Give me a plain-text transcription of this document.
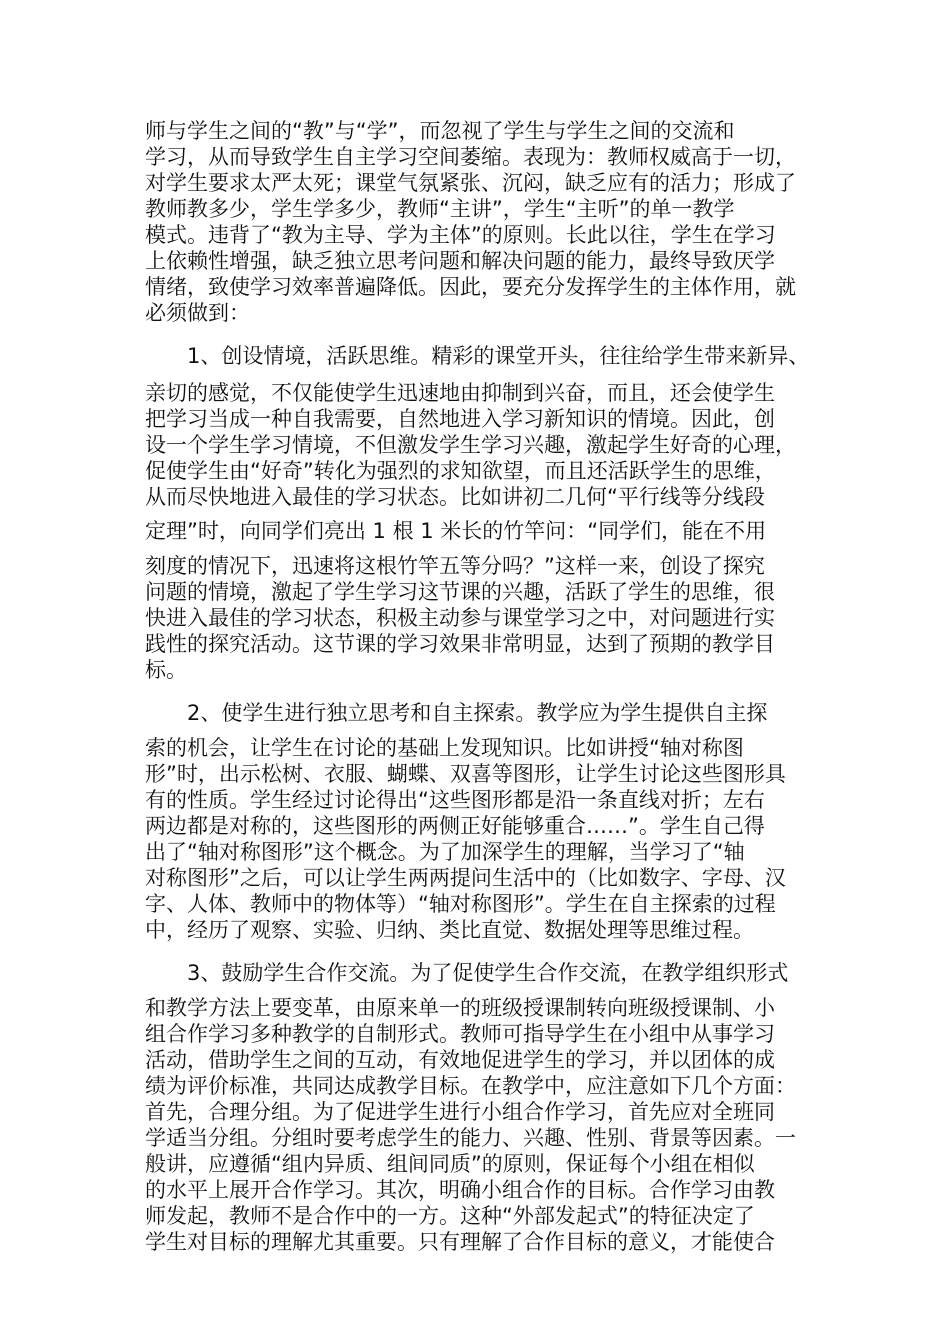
师与学生之间的“教”与“学”，而忽视了学生与学生之间的交流和
学习，从而导致学生自主学习空间萎缩。表现为：教师权威高于一切，
对学生要求太严太死；课堂气氛紧张、沉闷，缺乏应有的活力；形成了
教师教多少，学生学多少，教师“主讲”，学生“主听”的单一教学
模式。违背了“教为主导、学为主体”的原则。长此以往，学生在学习
上依赖性增强，缺乏独立思考问题和解决问题的能力，最终导致厌学
情绪，致使学习效率普遍降低。因此，要充分发挥学生的主体作用，就
必须做到：
1、创设情境，活跃思维。精彩的课堂开头，往往给学生带来新异、
亲切的感觉，不仅能使学生迅速地由抑制到兴奋，而且，还会使学生
把学习当成一种自我需要，自然地进入学习新知识的情境。因此，创
设一个学生学习情境，不但激发学生学习兴趣，激起学生好奇的心理，
促使学生由“好奇”转化为强烈的求知欲望，而且还活跃学生的思维，
从而尽快地进入最佳的学习状态。比如讲初二几何“平行线等分线段
定理”时，向同学们亮出 1 根 1 米长的竹竿问：“同学们，能在不用
刻度的情况下，迅速将这根竹竿五等分吗？”这样一来，创设了探究
问题的情境，激起了学生学习这节课的兴趣，活跃了学生的思维，很
快进入最佳的学习状态，积极主动参与课堂学习之中，对问题进行实
践性的探究活动。这节课的学习效果非常明显，达到了预期的教学目
标。
2、使学生进行独立思考和自主探索。教学应为学生提供自主探
索的机会，让学生在讨论的基础上发现知识。比如讲授“轴对称图
形”时，出示松树、衣服、蝴蝶、双喜等图形，让学生讨论这些图形具
有的性质。学生经过讨论得出“这些图形都是沿一条直线对折；左右
两边都是对称的，这些图形的两侧正好能够重合……”。学生自己得
出了“轴对称图形”这个概念。为了加深学生的理解，当学习了“轴
对称图形”之后，可以让学生两两提问生活中的（比如数字、字母、汉
字、人体、教师中的物体等）“轴对称图形”。学生在自主探索的过程
中，经历了观察、实验、归纳、类比直觉、数据处理等思维过程。
3、鼓励学生合作交流。为了促使学生合作交流，在教学组织形式
和教学方法上要变革，由原来单一的班级授课制转向班级授课制、小
组合作学习多种教学的自制形式。教师可指导学生在小组中从事学习
活动，借助学生之间的互动，有效地促进学生的学习，并以团体的成
绩为评价标准，共同达成教学目标。在教学中，应注意如下几个方面：
首先，合理分组。为了促进学生进行小组合作学习，首先应对全班同
学适当分组。分组时要考虑学生的能力、兴趣、性别、背景等因素。一
般讲，应遵循“组内异质、组间同质”的原则，保证每个小组在相似
的水平上展开合作学习。其次，明确小组合作的目标。合作学习由教
师发起，教师不是合作中的一方。这种“外部发起式”的特征决定了
学生对目标的理解尤其重要。只有理解了合作目标的意义，才能使合
